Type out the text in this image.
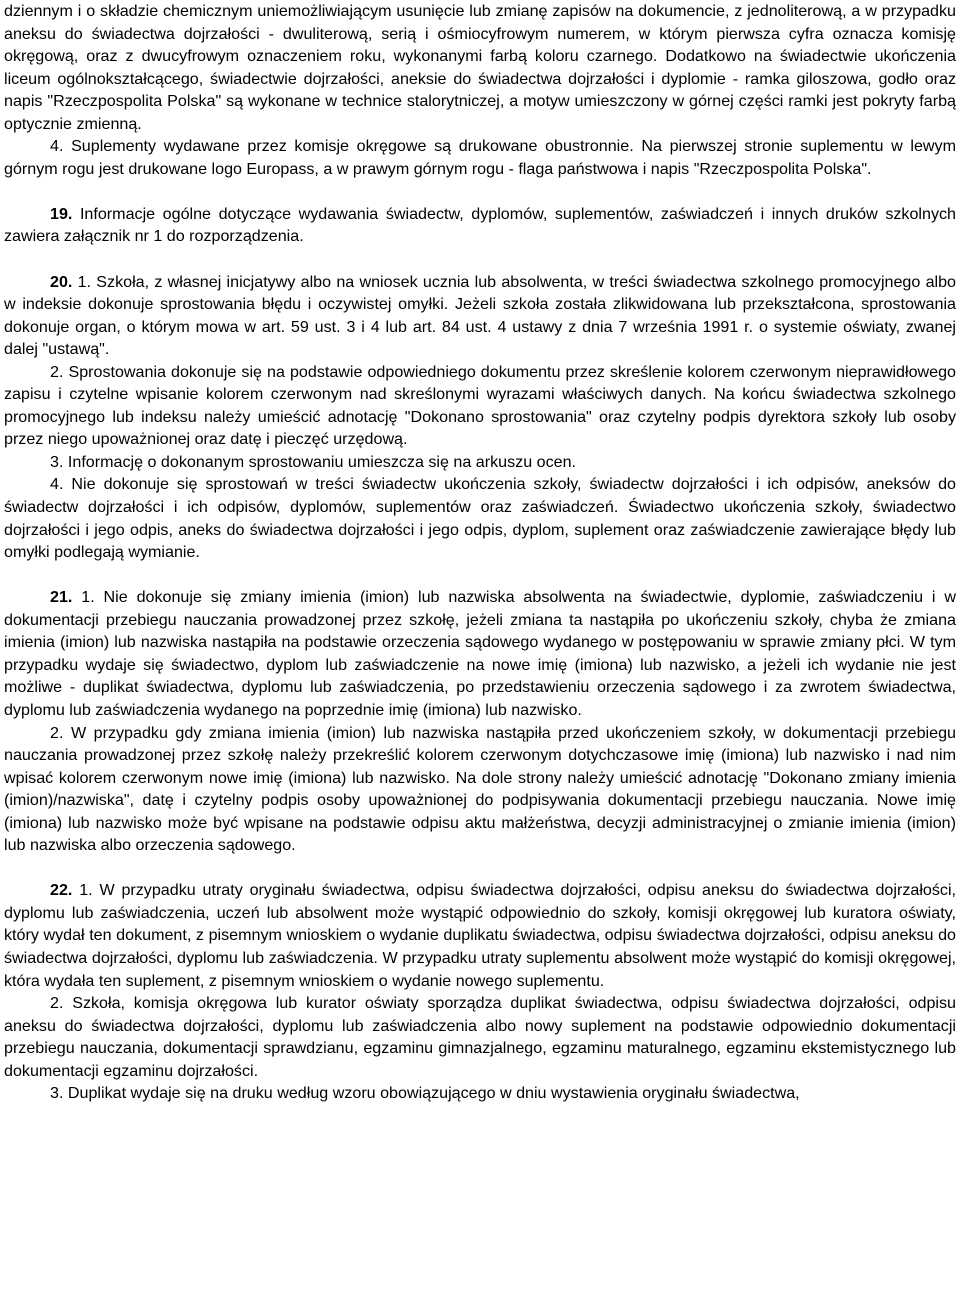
dziennym i o składzie chemicznym uniemożliwiającym usunięcie lub zmianę zapisów na dokumencie, z jednoliterową, a w przypadku aneksu do świadectwa dojrzałości - dwuliterową, serią i ośmiocyfrowym numerem, w którym pierwsza cyfra oznacza komisję okręgową, oraz z dwucyfrowym oznaczeniem roku, wykonanymi farbą koloru czarnego. Dodatkowo na świadectwie ukończenia liceum ogólnokształcącego, świadectwie dojrzałości, aneksie do świadectwa dojrzałości i dyplomie - ramka giloszowa, godło oraz napis "Rzeczpospolita Polska" są wykonane w technice stalorytniczej, a motyw umieszczony w górnej części ramki jest pokryty farbą optycznie zmienną.

4. Suplementy wydawane przez komisje okręgowe są drukowane obustronnie. Na pierwszej stronie suplementu w lewym górnym rogu jest drukowane logo Europass, a w prawym górnym rogu - flaga państwowa i napis "Rzeczpospolita Polska".

19. Informacje ogólne dotyczące wydawania świadectw, dyplomów, suplementów, zaświadczeń i innych druków szkolnych zawiera załącznik nr 1 do rozporządzenia.

20. 1. Szkoła, z własnej inicjatywy albo na wniosek ucznia lub absolwenta, w treści świadectwa szkolnego promocyjnego albo w indeksie dokonuje sprostowania błędu i oczywistej omyłki. Jeżeli szkoła została zlikwidowana lub przekształcona, sprostowania dokonuje organ, o którym mowa w art. 59 ust. 3 i 4 lub art. 84 ust. 4 ustawy z dnia 7 września 1991 r. o systemie oświaty, zwanej dalej "ustawą".

2. Sprostowania dokonuje się na podstawie odpowiedniego dokumentu przez skreślenie kolorem czerwonym nieprawidłowego zapisu i czytelne wpisanie kolorem czerwonym nad skreślonymi wyrazami właściwych danych. Na końcu świadectwa szkolnego promocyjnego lub indeksu należy umieścić adnotację "Dokonano sprostowania" oraz czytelny podpis dyrektora szkoły lub osoby przez niego upoważnionej oraz datę i pieczęć urzędową.

3. Informację o dokonanym sprostowaniu umieszcza się na arkuszu ocen.

4. Nie dokonuje się sprostowań w treści świadectw ukończenia szkoły, świadectw dojrzałości i ich odpisów, aneksów do świadectw dojrzałości i ich odpisów, dyplomów, suplementów oraz zaświadczeń. Świadectwo ukończenia szkoły, świadectwo dojrzałości i jego odpis, aneks do świadectwa dojrzałości i jego odpis, dyplom, suplement oraz zaświadczenie zawierające błędy lub omyłki podlegają wymianie.

21. 1. Nie dokonuje się zmiany imienia (imion) lub nazwiska absolwenta na świadectwie, dyplomie, zaświadczeniu i w dokumentacji przebiegu nauczania prowadzonej przez szkołę, jeżeli zmiana ta nastąpiła po ukończeniu szkoły, chyba że zmiana imienia (imion) lub nazwiska nastąpiła na podstawie orzeczenia sądowego wydanego w postępowaniu w sprawie zmiany płci. W tym przypadku wydaje się świadectwo, dyplom lub zaświadczenie na nowe imię (imiona) lub nazwisko, a jeżeli ich wydanie nie jest możliwe - duplikat świadectwa, dyplomu lub zaświadczenia, po przedstawieniu orzeczenia sądowego i za zwrotem świadectwa, dyplomu lub zaświadczenia wydanego na poprzednie imię (imiona) lub nazwisko.

2. W przypadku gdy zmiana imienia (imion) lub nazwiska nastąpiła przed ukończeniem szkoły, w dokumentacji przebiegu nauczania prowadzonej przez szkołę należy przekreślić kolorem czerwonym dotychczasowe imię (imiona) lub nazwisko i nad nim wpisać kolorem czerwonym nowe imię (imiona) lub nazwisko. Na dole strony należy umieścić adnotację "Dokonano zmiany imienia (imion)/nazwiska", datę i czytelny podpis osoby upoważnionej do podpisywania dokumentacji przebiegu nauczania. Nowe imię (imiona) lub nazwisko może być wpisane na podstawie odpisu aktu małżeństwa, decyzji administracyjnej o zmianie imienia (imion) lub nazwiska albo orzeczenia sądowego.

22. 1. W przypadku utraty oryginału świadectwa, odpisu świadectwa dojrzałości, odpisu aneksu do świadectwa dojrzałości, dyplomu lub zaświadczenia, uczeń lub absolwent może wystąpić odpowiednio do szkoły, komisji okręgowej lub kuratora oświaty, który wydał ten dokument, z pisemnym wnioskiem o wydanie duplikatu świadectwa, odpisu świadectwa dojrzałości, odpisu aneksu do świadectwa dojrzałości, dyplomu lub zaświadczenia. W przypadku utraty suplementu absolwent może wystąpić do komisji okręgowej, która wydała ten suplement, z pisemnym wnioskiem o wydanie nowego suplementu.

2. Szkoła, komisja okręgowa lub kurator oświaty sporządza duplikat świadectwa, odpisu świadectwa dojrzałości, odpisu aneksu do świadectwa dojrzałości, dyplomu lub zaświadczenia albo nowy suplement na podstawie odpowiednio dokumentacji przebiegu nauczania, dokumentacji sprawdzianu, egzaminu gimnazjalnego, egzaminu maturalnego, egzaminu ekstemistycznego lub dokumentacji egzaminu dojrzałości.

3. Duplikat wydaje się na druku według wzoru obowiązującego w dniu wystawienia oryginału świadectwa,
